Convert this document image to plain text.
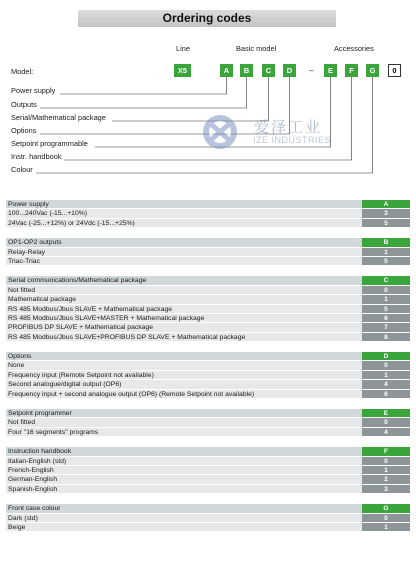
Ordering codes
Line	Basic model	Accessories
Model:	X5	A	B	C	D	–	E	F	G	0
Power supply
Outputs
Serial/Mathematical package
Options
Setpoint programmable
Instr. handbook
Colour
爱泽工业
IZE INDUSTRIES
Power supply	A
100...240Vac (-15...+10%)	3
24Vac (-25...+12%) or 24Vdc (-15...+25%)	5
OP1-OP2 outputs	B
Relay-Relay	1
Triac-Triac	5
Serial communications/Mathematical package	C
Not fitted	0
Mathematical package	1
RS 485 Modbus/Jbus SLAVE + Mathematical package	5
RS 485 Modbus/Jbus SLAVE+MASTER + Mathematical package	6
PROFIBUS DP SLAVE + Mathematical package	7
RS 485 Modbus/Jbus SLAVE+PROFIBUS DP SLAVE + Mathematical package	8
Options	D
None	0
Frequency input (Remote Setpoint not available)	1
Second analogue/digital output (OP6)	4
Frequency input + second analogue output (OP6) (Remote Setpoint not available)	6
Setpoint programmer	E
Not fitted	0
Four "16 segments" programs	4
Instruction handbook	F
Italian-English (std)	0
French-English	1
German-English	2
Spanish-English	3
Front case colour	G
Dark (std)	0
Beige	1
